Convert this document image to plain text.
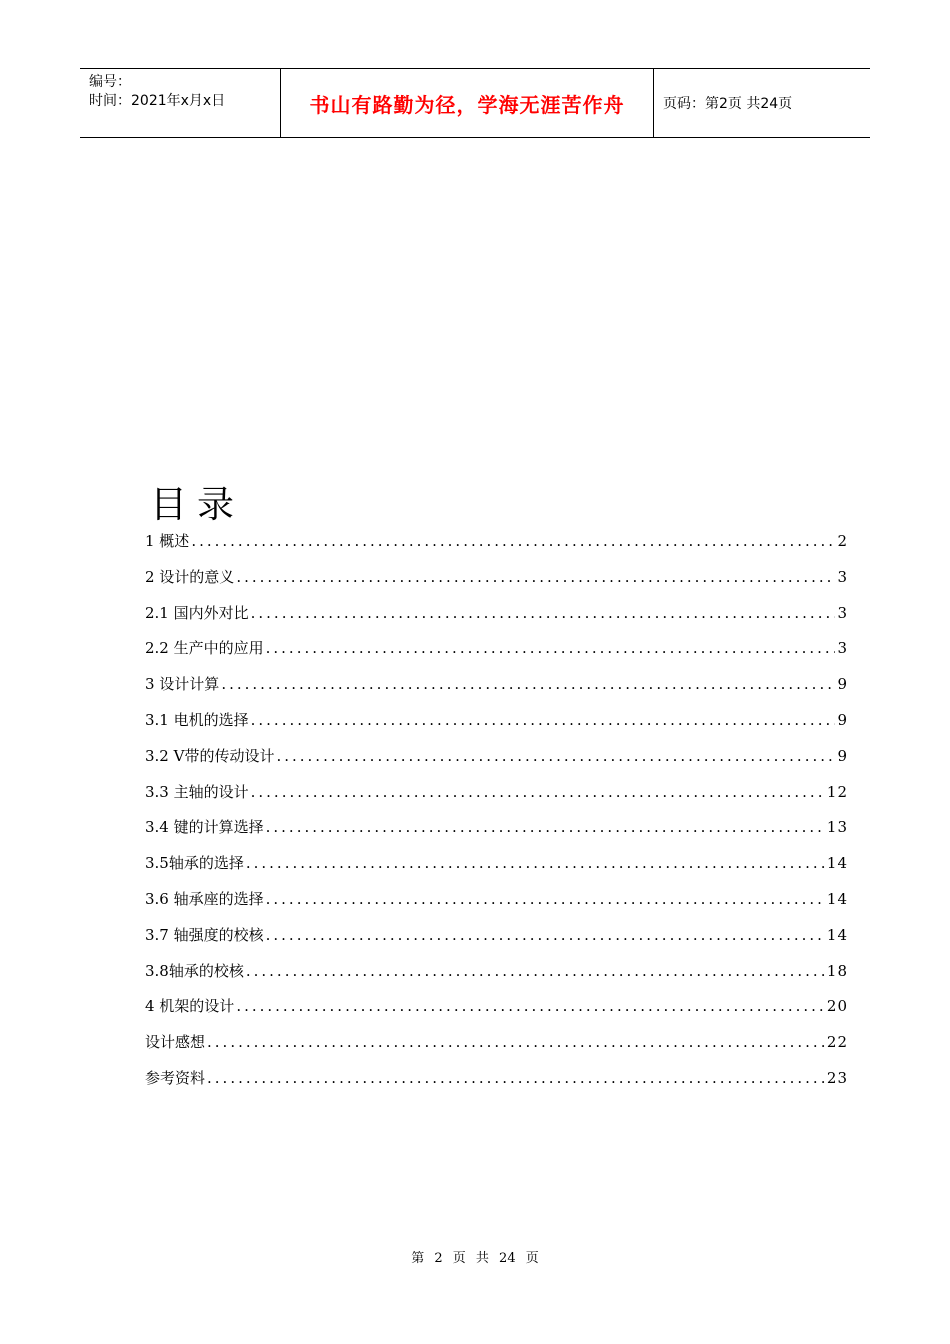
编号：
时间：2021年x月x日	书山有路勤为径，学海无涯苦作舟	页码：第2页 共24页
目录
1 概述 .....	2
2 设计的意义 .....	3
2.1 国内外对比 .....	3
2.2 生产中的应用 .....	3
3 设计计算 .....	9
3.1 电机的选择 .....	9
3.2 V带的传动设计 .....	9
3.3 主轴的设计 .....	12
3.4 键的计算选择 .....	13
3.5轴承的选择 .....	14
3.6 轴承座的选择 .....	14
3.7 轴强度的校核 .....	14
3.8轴承的校核 .....	18
4 机架的设计 .....	20
设计感想 .....	22
参考资料 .....	23
第 2 页 共 24 页
